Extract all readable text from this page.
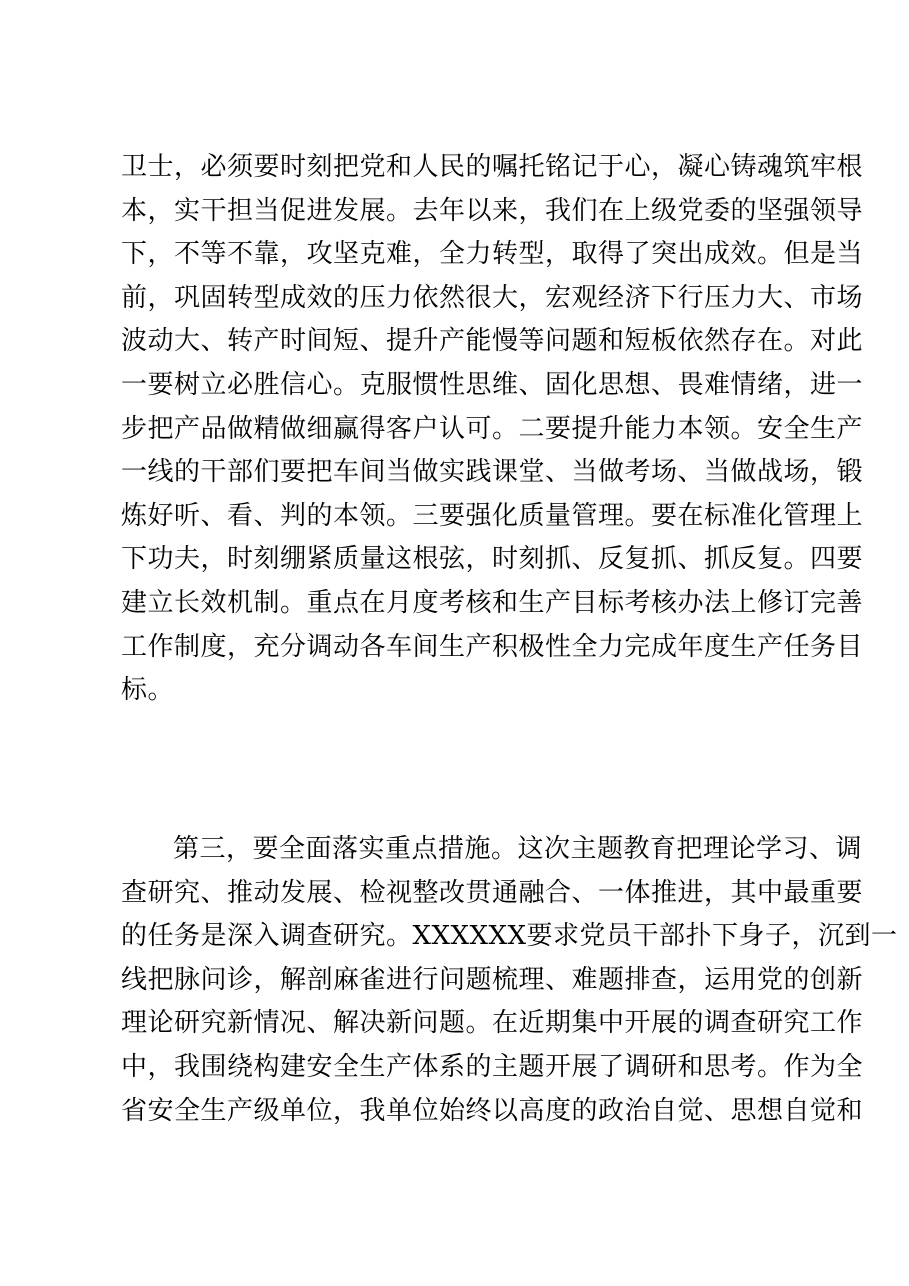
卫士，必须要时刻把党和人民的嘱托铭记于心，凝心铸魂筑牢根
本，实干担当促进发展。去年以来，我们在上级党委的坚强领导
下，不等不靠，攻坚克难，全力转型，取得了突出成效。但是当
前，巩固转型成效的压力依然很大，宏观经济下行压力大、市场
波动大、转产时间短、提升产能慢等问题和短板依然存在。对此
一要树立必胜信心。克服惯性思维、固化思想、畏难情绪，进一
步把产品做精做细赢得客户认可。二要提升能力本领。安全生产
一线的干部们要把车间当做实践课堂、当做考场、当做战场，锻
炼好听、看、判的本领。三要强化质量管理。要在标准化管理上
下功夫，时刻绷紧质量这根弦，时刻抓、反复抓、抓反复。四要
建立长效机制。重点在月度考核和生产目标考核办法上修订完善
工作制度，充分调动各车间生产积极性全力完成年度生产任务目
标。
第三，要全面落实重点措施。这次主题教育把理论学习、调
查研究、推动发展、检视整改贯通融合、一体推进，其中最重要
的任务是深入调查研究。XXXXXX要求党员干部扑下身子，沉到一
线把脉问诊，解剖麻雀进行问题梳理、难题排查，运用党的创新
理论研究新情况、解决新问题。在近期集中开展的调查研究工作
中，我围绕构建安全生产体系的主题开展了调研和思考。作为全
省安全生产级单位，我单位始终以高度的政治自觉、思想自觉和
